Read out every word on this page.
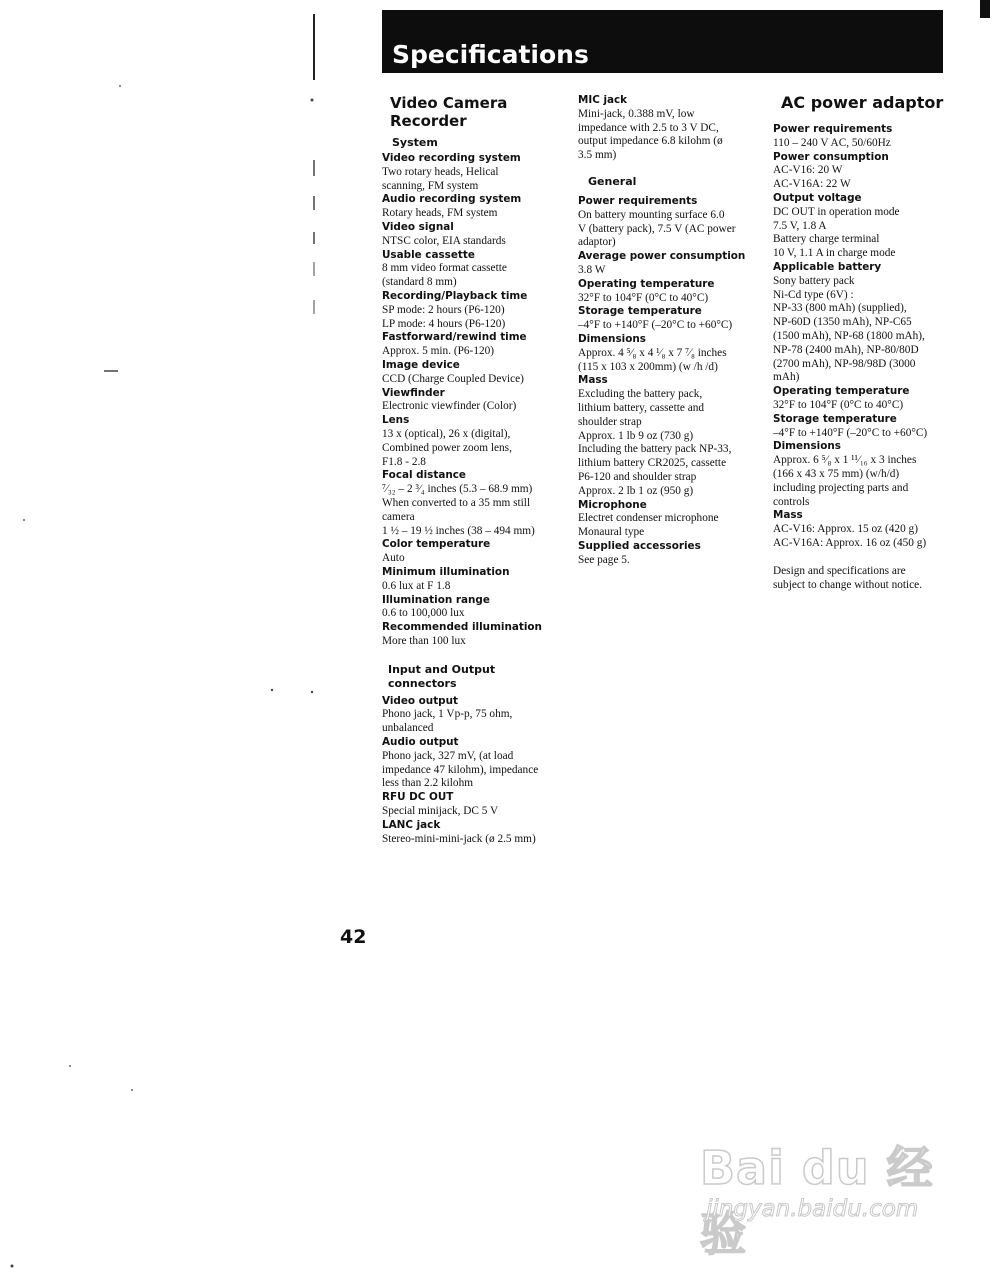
Specifications
Video Camera
Recorder
System
Video recording system
Two rotary heads, Helical
scanning, FM system
Audio recording system
Rotary heads, FM system
Video signal
NTSC color, EIA standards
Usable cassette
8 mm video format cassette
(standard 8 mm)
Recording/Playback time
SP mode: 2 hours (P6-120)
LP mode: 4 hours (P6-120)
Fastforward/rewind time
Approx. 5 min. (P6-120)
Image device
CCD (Charge Coupled Device)
Viewfinder
Electronic viewfinder (Color)
Lens
13 x (optical), 26 x (digital),
Combined power zoom lens,
F1.8 - 2.8
Focal distance
⁷⁄₃₂ – 2 ³⁄₄ inches (5.3 – 68.9 mm)
When converted to a 35 mm still
camera
1 ½ – 19 ½ inches (38 – 494 mm)
Color temperature
Auto
Minimum illumination
0.6 lux at F 1.8
Illumination range
0.6 to 100,000 lux
Recommended illumination
More than 100 lux
Input and Output
connectors
Video output
Phono jack, 1 Vp-p, 75 ohm,
unbalanced
Audio output
Phono jack, 327 mV, (at load
impedance 47 kilohm), impedance
less than 2.2 kilohm
RFU DC OUT
Special minijack, DC 5 V
LANC jack
Stereo-mini-mini-jack (ø 2.5 mm)
MIC jack
Mini-jack, 0.388 mV, low
impedance with 2.5 to 3 V DC,
output impedance 6.8 kilohm (ø
3.5 mm)
General
Power requirements
On battery mounting surface 6.0
V (battery pack), 7.5 V (AC power
adaptor)
Average power consumption
3.8 W
Operating temperature
32°F to 104°F (0°C to 40°C)
Storage temperature
–4°F to +140°F (–20°C to +60°C)
Dimensions
Approx. 4 ⁵⁄₈ x 4 ¹⁄₈ x 7 ⁷⁄₈ inches
(115 x 103 x 200mm) (w /h /d)
Mass
Excluding the battery pack,
lithium battery, cassette and
shoulder strap
Approx. 1 lb 9 oz (730 g)
Including the battery pack NP-33,
lithium battery CR2025, cassette
P6-120 and shoulder strap
Approx. 2 lb 1 oz (950 g)
Microphone
Electret condenser microphone
Monaural type
Supplied accessories
See page 5.
AC power adaptor
Power requirements
110 – 240 V AC, 50/60Hz
Power consumption
AC-V16: 20 W
AC-V16A: 22 W
Output voltage
DC OUT in operation mode
7.5 V, 1.8 A
Battery charge terminal
10 V, 1.1 A in charge mode
Applicable battery
Sony battery pack
Ni-Cd type (6V) :
NP-33 (800 mAh) (supplied),
NP-60D (1350 mAh), NP-C65
(1500 mAh), NP-68 (1800 mAh),
NP-78 (2400 mAh), NP-80/80D
(2700 mAh), NP-98/98D (3000
mAh)
Operating temperature
32°F to 104°F (0°C to 40°C)
Storage temperature
–4°F to +140°F (–20°C to +60°C)
Dimensions
Approx. 6 ⁵⁄₈ x 1 ¹¹⁄₁₆ x 3 inches
(166 x 43 x 75 mm) (w/h/d)
including projecting parts and
controls
Mass
AC-V16: Approx. 15 oz (420 g)
AC-V16A: Approx. 16 oz (450 g)
Design and specifications are
subject to change without notice.
42
Bai du 经验
jingyan.baidu.com
